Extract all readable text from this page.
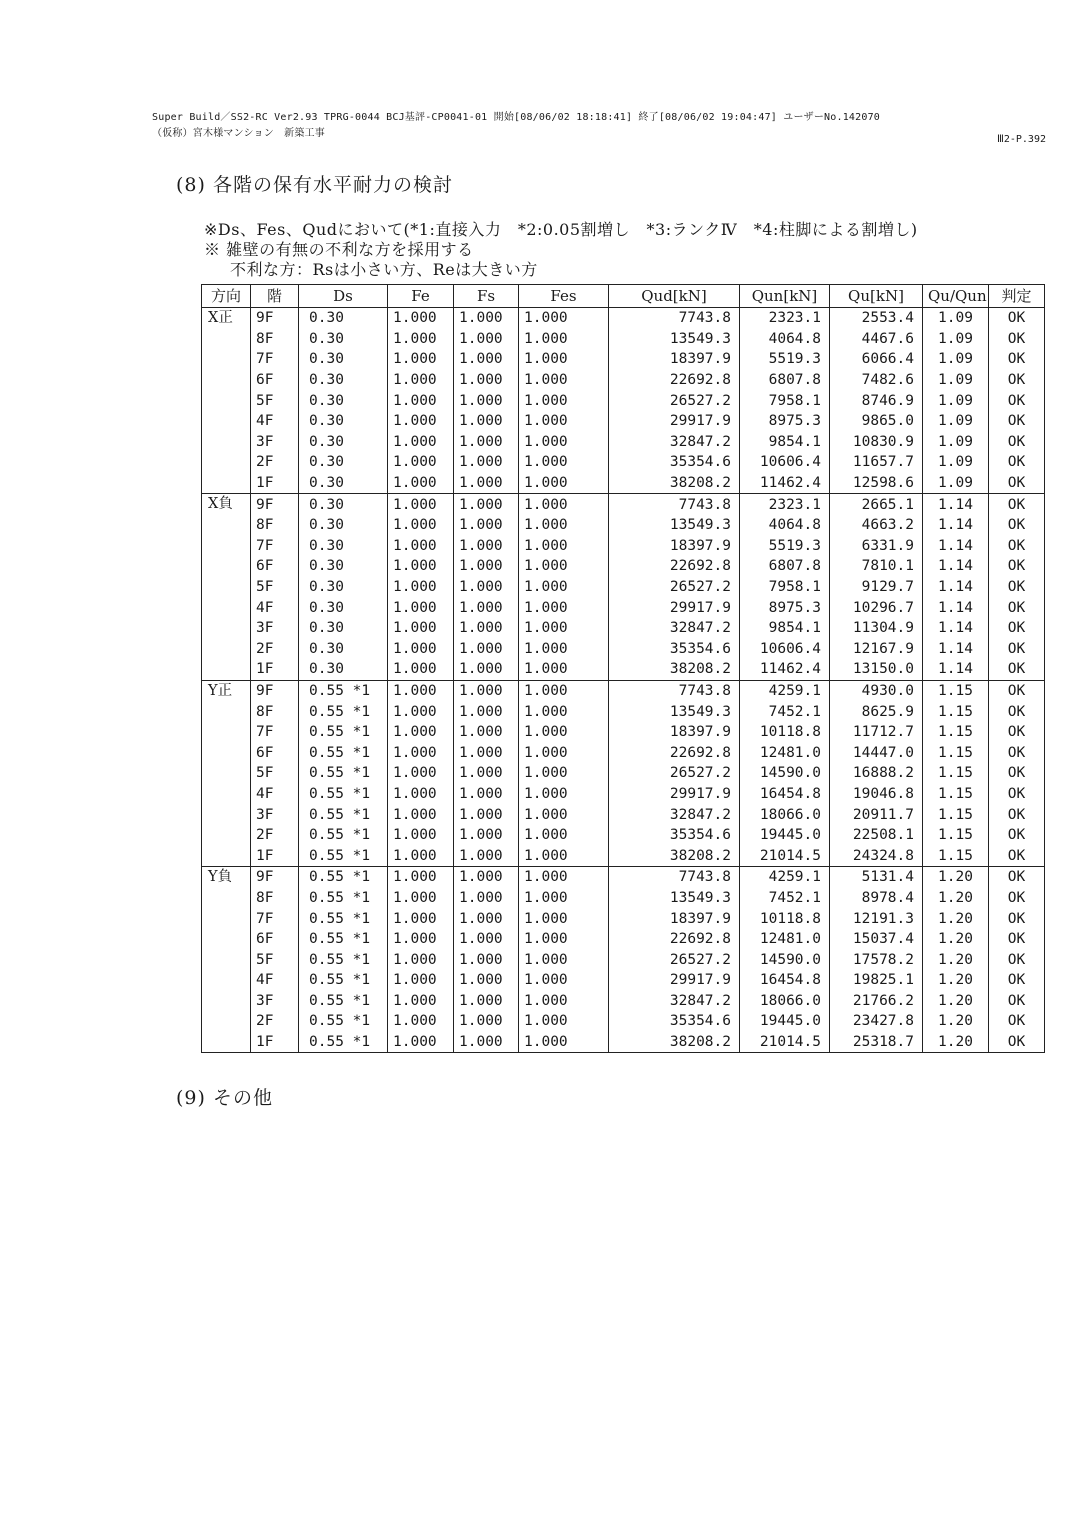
Super Build／SS2-RC Ver2.93 TPRG-0044 BCJ基評-CP0041-01 開始[08/06/02 18:18:41] 終了[08/06/02 19:04:47] ユーザーNo.142070
（仮称）宮木様マンション　新築工事
Ⅲ2-P.392
(8) 各階の保有水平耐力の検討
※Ds、Fes、Qudにおいて(*1:直接入力　*2:0.05割増し　*3:ランクⅣ　*4:柱脚による割増し)
※ 雑壁の有無の不利な方を採用する
不利な方：Rsは小さい方、Reは大きい方
方向	階	Ds	Fe	Fs	Fes	Qud[kN]	Qun[kN]	Qu[kN]	Qu/Qun	判定
X正	9F	0.30	1.000	1.000	1.000	7743.8	2323.1	2553.4	1.09	OK
	8F	0.30	1.000	1.000	1.000	13549.3	4064.8	4467.6	1.09	OK
	7F	0.30	1.000	1.000	1.000	18397.9	5519.3	6066.4	1.09	OK
	6F	0.30	1.000	1.000	1.000	22692.8	6807.8	7482.6	1.09	OK
	5F	0.30	1.000	1.000	1.000	26527.2	7958.1	8746.9	1.09	OK
	4F	0.30	1.000	1.000	1.000	29917.9	8975.3	9865.0	1.09	OK
	3F	0.30	1.000	1.000	1.000	32847.2	9854.1	10830.9	1.09	OK
	2F	0.30	1.000	1.000	1.000	35354.6	10606.4	11657.7	1.09	OK
	1F	0.30	1.000	1.000	1.000	38208.2	11462.4	12598.6	1.09	OK
X負	9F	0.30	1.000	1.000	1.000	7743.8	2323.1	2665.1	1.14	OK
	8F	0.30	1.000	1.000	1.000	13549.3	4064.8	4663.2	1.14	OK
	7F	0.30	1.000	1.000	1.000	18397.9	5519.3	6331.9	1.14	OK
	6F	0.30	1.000	1.000	1.000	22692.8	6807.8	7810.1	1.14	OK
	5F	0.30	1.000	1.000	1.000	26527.2	7958.1	9129.7	1.14	OK
	4F	0.30	1.000	1.000	1.000	29917.9	8975.3	10296.7	1.14	OK
	3F	0.30	1.000	1.000	1.000	32847.2	9854.1	11304.9	1.14	OK
	2F	0.30	1.000	1.000	1.000	35354.6	10606.4	12167.9	1.14	OK
	1F	0.30	1.000	1.000	1.000	38208.2	11462.4	13150.0	1.14	OK
Y正	9F	0.55 *1	1.000	1.000	1.000	7743.8	4259.1	4930.0	1.15	OK
	8F	0.55 *1	1.000	1.000	1.000	13549.3	7452.1	8625.9	1.15	OK
	7F	0.55 *1	1.000	1.000	1.000	18397.9	10118.8	11712.7	1.15	OK
	6F	0.55 *1	1.000	1.000	1.000	22692.8	12481.0	14447.0	1.15	OK
	5F	0.55 *1	1.000	1.000	1.000	26527.2	14590.0	16888.2	1.15	OK
	4F	0.55 *1	1.000	1.000	1.000	29917.9	16454.8	19046.8	1.15	OK
	3F	0.55 *1	1.000	1.000	1.000	32847.2	18066.0	20911.7	1.15	OK
	2F	0.55 *1	1.000	1.000	1.000	35354.6	19445.0	22508.1	1.15	OK
	1F	0.55 *1	1.000	1.000	1.000	38208.2	21014.5	24324.8	1.15	OK
Y負	9F	0.55 *1	1.000	1.000	1.000	7743.8	4259.1	5131.4	1.20	OK
	8F	0.55 *1	1.000	1.000	1.000	13549.3	7452.1	8978.4	1.20	OK
	7F	0.55 *1	1.000	1.000	1.000	18397.9	10118.8	12191.3	1.20	OK
	6F	0.55 *1	1.000	1.000	1.000	22692.8	12481.0	15037.4	1.20	OK
	5F	0.55 *1	1.000	1.000	1.000	26527.2	14590.0	17578.2	1.20	OK
	4F	0.55 *1	1.000	1.000	1.000	29917.9	16454.8	19825.1	1.20	OK
	3F	0.55 *1	1.000	1.000	1.000	32847.2	18066.0	21766.2	1.20	OK
	2F	0.55 *1	1.000	1.000	1.000	35354.6	19445.0	23427.8	1.20	OK
	1F	0.55 *1	1.000	1.000	1.000	38208.2	21014.5	25318.7	1.20	OK
(9) その他
